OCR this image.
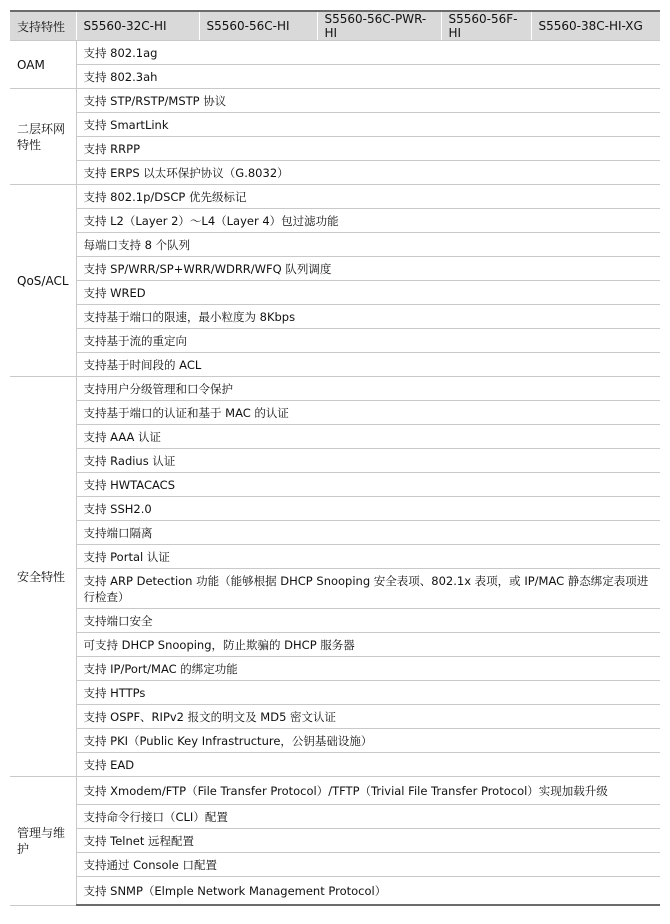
支持特性	S5560-32C-HI	S5560-56C-HI	S5560-56C-PWR-HI	S5560-56F-HI	S5560-38C-HI-XG
OAM	支持 802.1ag				
	支持 802.3ah				
二层环网特性	支持 STP/RSTP/MSTP 协议				
	支持 SmartLink				
	支持 RRPP				
	支持 ERPS 以太环保护协议（G.8032）				
QoS/ACL	支持 802.1p/DSCP 优先级标记				
	支持 L2（Layer 2）～L4（Layer 4）包过滤功能				
	每端口支持 8 个队列				
	支持 SP/WRR/SP+WRR/WDRR/WFQ 队列调度				
	支持 WRED				
	支持基于端口的限速，最小粒度为 8Kbps				
	支持基于流的重定向				
	支持基于时间段的 ACL				
安全特性	支持用户分级管理和口令保护				
	支持基于端口的认证和基于 MAC 的认证				
	支持 AAA 认证				
	支持 Radius 认证				
	支持 HWTACACS				
	支持 SSH2.0				
	支持端口隔离				
	支持 Portal 认证				
	支持 ARP Detection 功能（能够根据 DHCP Snooping 安全表项、802.1x 表项，或 IP/MAC 静态绑定表项进行检查）				
	支持端口安全				
	可支持 DHCP Snooping，防止欺骗的 DHCP 服务器				
	支持 IP/Port/MAC 的绑定功能				
	支持 HTTPs				
	支持 OSPF、RIPv2 报文的明文及 MD5 密文认证				
	支持 PKI（Public Key Infrastructure，公钥基础设施）				
	支持 EAD				
管理与维护	支持 Xmodem/FTP（File Transfer Protocol）/TFTP（Trivial File Transfer Protocol）实现加载升级				
	支持命令行接口（CLI）配置				
	支持 Telnet 远程配置				
	支持通过 Console 口配置				
	支持 SNMP（Elmple Network Management Protocol）				
